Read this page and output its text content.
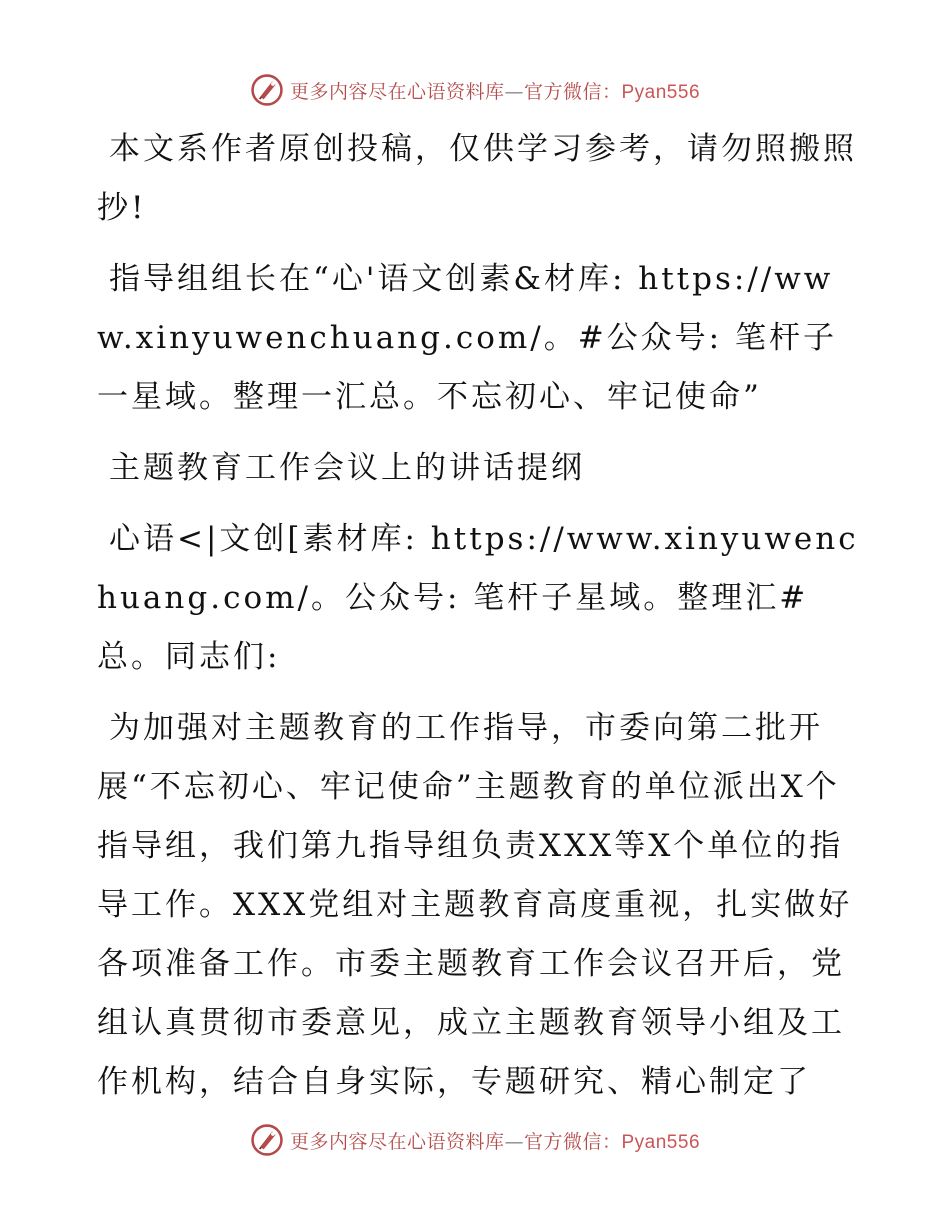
更多内容尽在心语资料库—官方微信：Pyan556

本文系作者原创投稿，仅供学习参考，请勿照搬照抄!

指导组组长在“心'语文创素&材库: https://www.xinyuwenchuang.com/。#公众号: 笔杆子一星域。整理一汇总。不忘初心、牢记使命”

主题教育工作会议上的讲话提纲

心语<|文创[素材库: https://www.xinyuwenchuang.com/。公众号: 笔杆子星域。整理汇#总。同志们:

为加强对主题教育的工作指导，市委向第二批开展“不忘初心、牢记使命”主题教育的单位派出X个指导组，我们第九指导组负责XXX等X个单位的指导工作。XXX党组对主题教育高度重视，扎实做好各项准备工作。市委主题教育工作会议召开后，党组认真贯彻市委意见，成立主题教育领导小组及工作机构，结合自身实际，专题研究、精心制定了

更多内容尽在心语资料库—官方微信：Pyan556
